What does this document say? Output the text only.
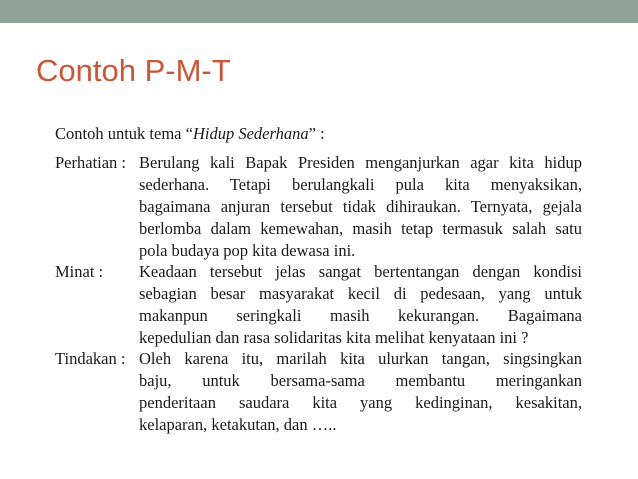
Contoh P-M-T
Contoh untuk tema “Hidup Sederhana” :
Perhatian : Berulang kali Bapak Presiden menganjurkan agar kita hidup
sederhana. Tetapi berulangkali pula kita menyaksikan,
bagaimana anjuran tersebut tidak dihiraukan. Ternyata, gejala
berlomba dalam kemewahan, masih tetap termasuk salah satu
pola budaya pop kita dewasa ini.
Minat : Keadaan tersebut jelas sangat bertentangan dengan kondisi
sebagian besar masyarakat kecil di pedesaan, yang untuk
makanpun seringkali masih kekurangan. Bagaimana
kepedulian dan rasa solidaritas kita melihat kenyataan ini ?
Tindakan : Oleh karena itu, marilah kita ulurkan tangan, singsingkan
baju, untuk bersama-sama membantu meringankan
penderitaan saudara kita yang kedinginan, kesakitan,
kelaparan, ketakutan, dan …..
